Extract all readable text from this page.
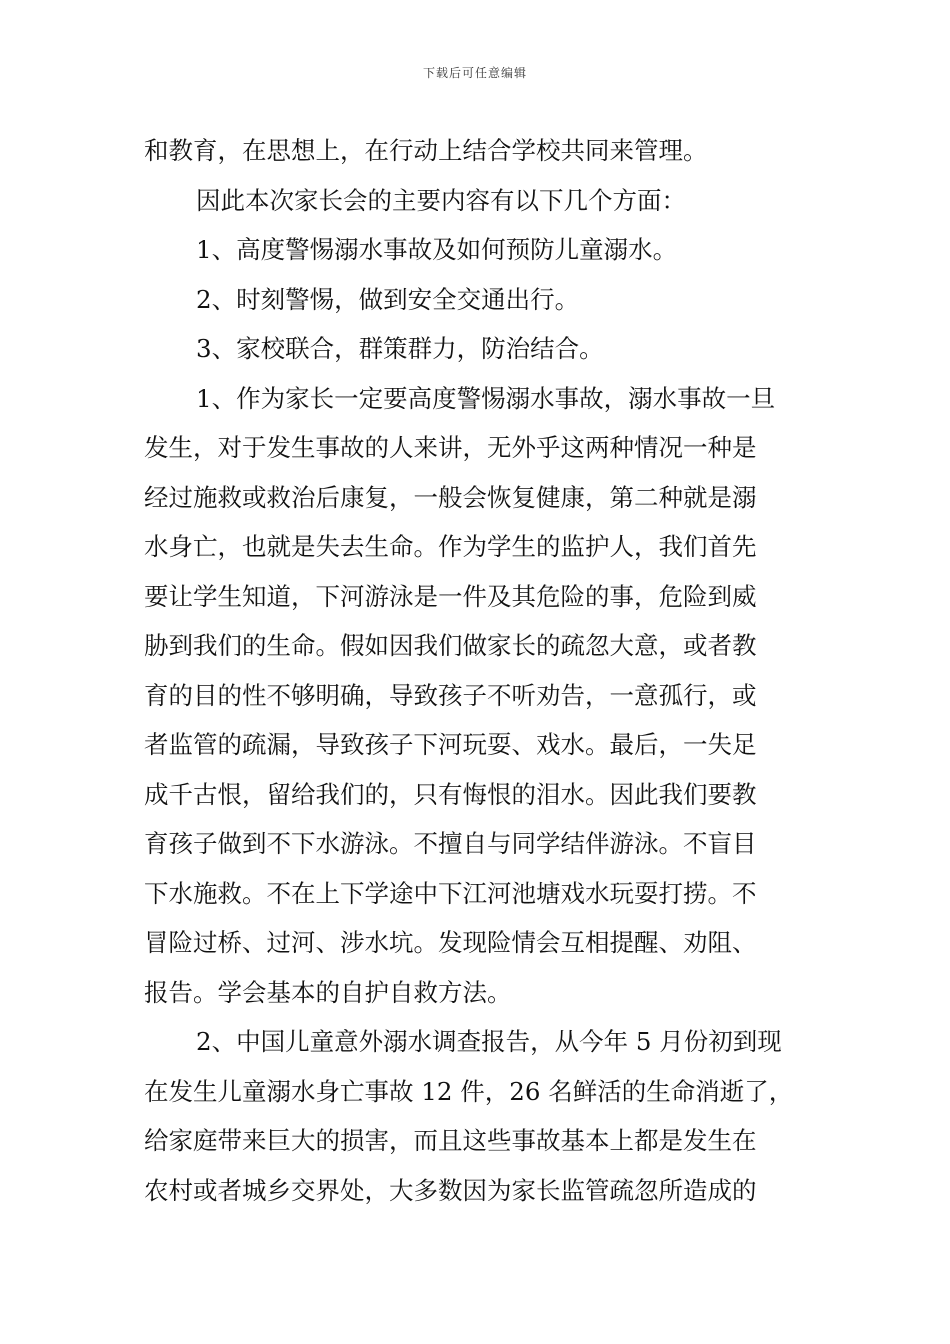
下载后可任意编辑
和教育，在思想上，在行动上结合学校共同来管理。
因此本次家长会的主要内容有以下几个方面：
1、高度警惕溺水事故及如何预防儿童溺水。
2、时刻警惕，做到安全交通出行。
3、家校联合，群策群力，防治结合。
1、作为家长一定要高度警惕溺水事故，溺水事故一旦
发生，对于发生事故的人来讲，无外乎这两种情况一种是
经过施救或救治后康复，一般会恢复健康，第二种就是溺
水身亡，也就是失去生命。作为学生的监护人，我们首先
要让学生知道，下河游泳是一件及其危险的事，危险到威
胁到我们的生命。假如因我们做家长的疏忽大意，或者教
育的目的性不够明确，导致孩子不听劝告，一意孤行，或
者监管的疏漏，导致孩子下河玩耍、戏水。最后，一失足
成千古恨，留给我们的，只有悔恨的泪水。因此我们要教
育孩子做到不下水游泳。不擅自与同学结伴游泳。不盲目
下水施救。不在上下学途中下江河池塘戏水玩耍打捞。不
冒险过桥、过河、涉水坑。发现险情会互相提醒、劝阻、
报告。学会基本的自护自救方法。
2、中国儿童意外溺水调查报告，从今年 5 月份初到现
在发生儿童溺水身亡事故 12 件，26 名鲜活的生命消逝了，
给家庭带来巨大的损害，而且这些事故基本上都是发生在
农村或者城乡交界处，大多数因为家长监管疏忽所造成的
